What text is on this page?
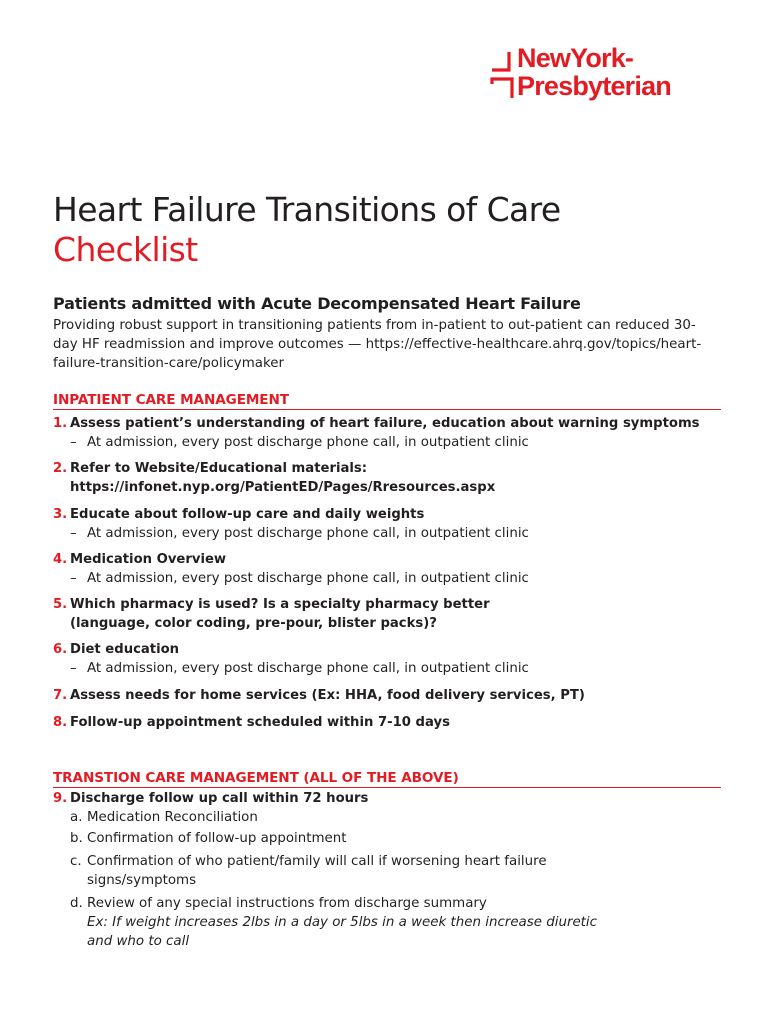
NewYork-
Presbyterian
Heart Failure Transitions of Care
Checklist

Patients admitted with Acute Decompensated Heart Failure

Providing robust support in transitioning patients from in-patient to out-patient can reduced 30-day HF readmission and improve outcomes — https://effective-healthcare.ahrq.gov/topics/heart-failure-transition-care/policymaker

INPATIENT CARE MANAGEMENT
1. Assess patient’s understanding of heart failure, education about warning symptoms
– At admission, every post discharge phone call, in outpatient clinic
2. Refer to Website/Educational materials:
https://infonet.nyp.org/PatientED/Pages/Rresources.aspx
3. Educate about follow-up care and daily weights
– At admission, every post discharge phone call, in outpatient clinic
4. Medication Overview
– At admission, every post discharge phone call, in outpatient clinic
5. Which pharmacy is used? Is a specialty pharmacy better
(language, color coding, pre-pour, blister packs)?
6. Diet education
– At admission, every post discharge phone call, in outpatient clinic
7. Assess needs for home services (Ex: HHA, food delivery services, PT)
8. Follow-up appointment scheduled within 7-10 days
TRANSTION CARE MANAGEMENT (ALL OF THE ABOVE)
9. Discharge follow up call within 72 hours
a. Medication Reconciliation
b. Confirmation of follow-up appointment
c. Confirmation of who patient/family will call if worsening heart failure
signs/symptoms
d. Review of any special instructions from discharge summary
Ex: If weight increases 2lbs in a day or 5lbs in a week then increase diuretic
and who to call
